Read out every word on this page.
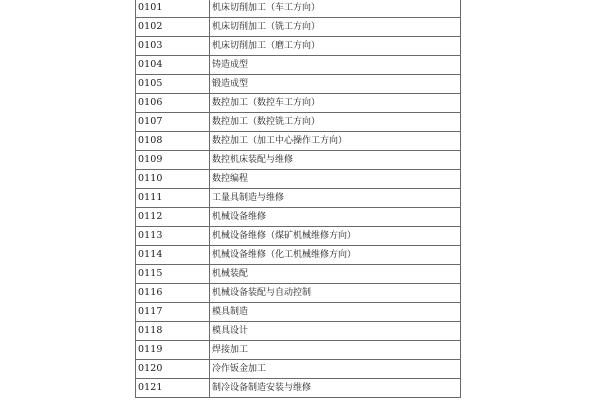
0101	机床切削加工（车工方向）
0102	机床切削加工（铣工方向）
0103	机床切削加工（磨工方向）
0104	铸造成型
0105	锻造成型
0106	数控加工（数控车工方向）
0107	数控加工（数控铣工方向）
0108	数控加工（加工中心操作工方向）
0109	数控机床装配与维修
0110	数控编程
0111	工量具制造与维修
0112	机械设备维修
0113	机械设备维修（煤矿机械维修方向）
0114	机械设备维修（化工机械维修方向）
0115	机械装配
0116	机械设备装配与自动控制
0117	模具制造
0118	模具设计
0119	焊接加工
0120	冷作钣金加工
0121	制冷设备制造安装与维修
